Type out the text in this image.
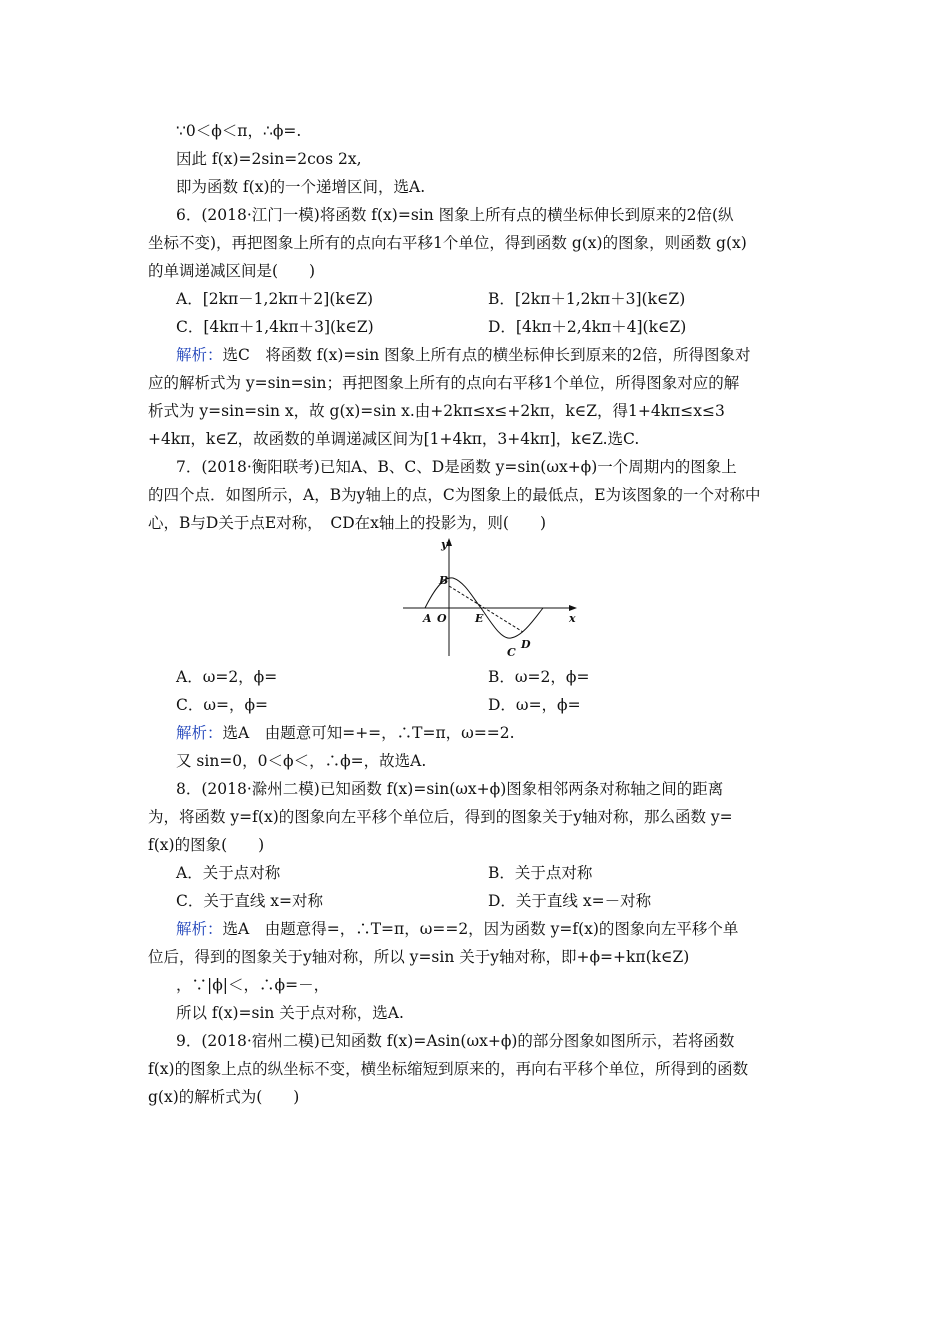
∵0＜ϕ＜π，∴ϕ=.
因此 f(x)=2sin=2cos 2x,
即为函数 f(x)的一个递增区间，选A.
6．(2018·江门一模)将函数 f(x)=sin 图象上所有点的横坐标伸长到原来的2倍(纵
坐标不变)，再把图象上所有的点向右平移1个单位，得到函数 g(x)的图象，则函数 g(x)
的单调递减区间是(　　)
A．[2kπ－1,2kπ＋2](k∈Z)	B．[2kπ＋1,2kπ＋3](k∈Z)
C．[4kπ＋1,4kπ＋3](k∈Z)	D．[4kπ＋2,4kπ＋4](k∈Z)
解析：选C　将函数 f(x)=sin 图象上所有点的横坐标伸长到原来的2倍，所得图象对
应的解析式为 y=sin=sin；再把图象上所有的点向右平移1个单位，所得图象对应的解
析式为 y=sin=sin x，故 g(x)=sin x.由+2kπ≤x≤+2kπ，k∈Z，得1+4kπ≤x≤3
+4kπ，k∈Z，故函数的单调递减区间为[1+4kπ，3+4kπ]，k∈Z.选C.
7．(2018·衡阳联考)已知A、B、C、D是函数 y=sin(ωx+ϕ)一个周期内的图象上
的四个点．如图所示，A，B为y轴上的点，C为图象上的最低点，E为该图象的一个对称中
心，B与D关于点E对称，　CD在x轴上的投影为，则(　　)
y
x
A O
B
E
C
D
A．ω=2，ϕ=	B．ω=2，ϕ=
C．ω=，ϕ=	D．ω=，ϕ=
解析：选A　由题意可知=+=，∴T=π，ω==2.
又 sin=0，0＜ϕ＜，∴ϕ=，故选A.
8．(2018·滁州二模)已知函数 f(x)=sin(ωx+ϕ)图象相邻两条对称轴之间的距离
为，将函数 y=f(x)的图象向左平移个单位后，得到的图象关于y轴对称，那么函数 y=
f(x)的图象(　　)
A．关于点对称	B．关于点对称
C．关于直线 x=对称	D．关于直线 x=－对称
解析：选A　由题意得=，∴T=π，ω==2，因为函数 y=f(x)的图象向左平移个单
位后，得到的图象关于y轴对称，所以 y=sin 关于y轴对称，即+ϕ=+kπ(k∈Z)
，∵|ϕ|＜，∴ϕ=－，
所以 f(x)=sin 关于点对称，选A.
9．(2018·宿州二模)已知函数 f(x)=Asin(ωx+ϕ)的部分图象如图所示，若将函数
f(x)的图象上点的纵坐标不变，横坐标缩短到原来的，再向右平移个单位，所得到的函数
g(x)的解析式为(　　)
